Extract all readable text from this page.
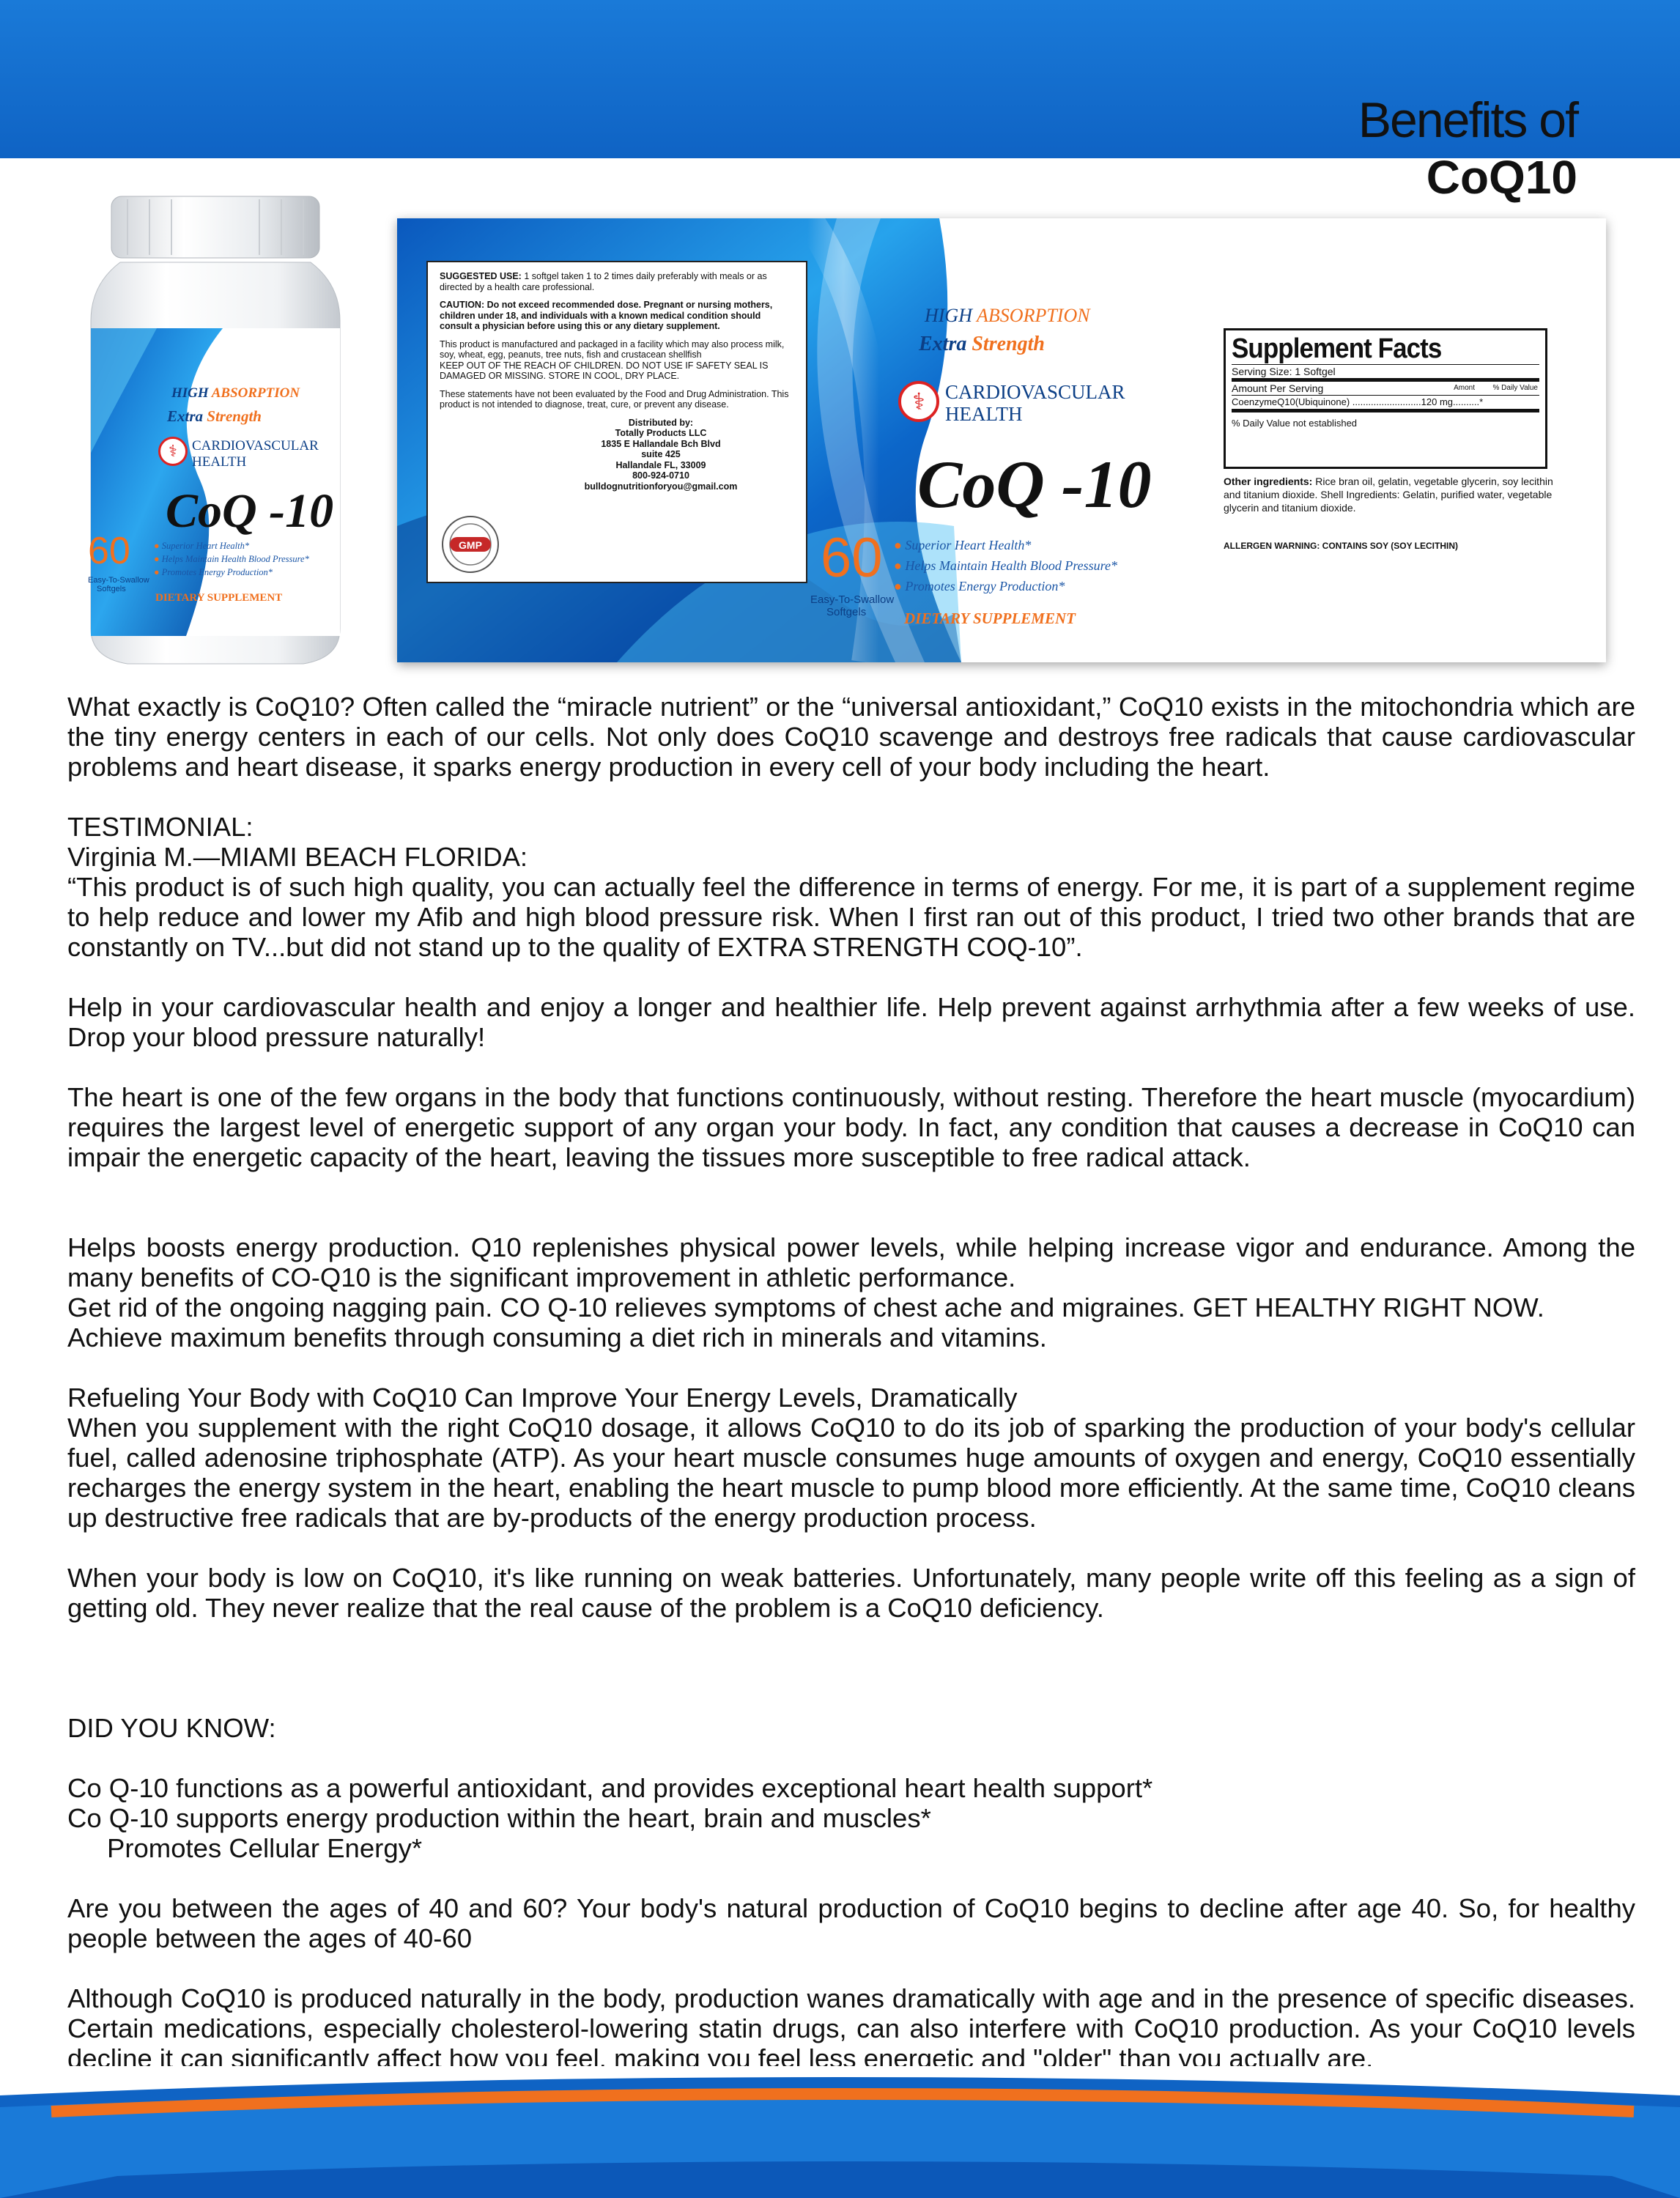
Benefits of
CoQ10
HIGH ABSORPTION
Extra Strength
⚕	CARDIOVASCULAR
HEALTH
CoQ -10
60
Easy-To-Swallow
Softgels
● Superior Heart Health*
● Helps Maintain Health Blood Pressure*
● Promotes Energy Production*
DIETARY SUPPLEMENT

SUGGESTED USE: 1 softgel taken 1 to 2 times daily preferably with meals or as directed by a health care professional.

CAUTION: Do not exceed recommended dose. Pregnant or nursing mothers, children under 18, and individuals with a known medical condition should consult a physician before using this or any dietary supplement.

This product is manufactured and packaged in a facility which may also process milk, soy, wheat, egg, peanuts, tree nuts, fish and crustacean shellfish

KEEP OUT OF THE REACH OF CHILDREN. DO NOT USE IF SAFETY SEAL IS DAMAGED OR MISSING. STORE IN COOL, DRY PLACE.

These statements have not been evaluated by the Food and Drug Administration. This product is not intended to diagnose, treat, cure, or prevent any disease.

Distributed by:
Totally Products LLC
1835 E Hallandale Bch Blvd
suite 425
Hallandale FL, 33009
800-924-0710
bulldognutritionforyou@gmail.com
GMP
HIGH ABSORPTION
Extra Strength
⚕	CARDIOVASCULAR
HEALTH
CoQ -10
60
Easy-To-Swallow
Softgels
● Superior Heart Health*
● Helps Maintain Health Blood Pressure*
● Promotes Energy Production*
DIETARY SUPPLEMENT
Supplement Facts
Serving Size: 1 Softgel
Amount Per Serving	Amont % Daily Value
CoenzymeQ10(Ubiquinone) ..........................120 mg..........*
% Daily Value not established
Other ingredients: Rice bran oil, gelatin, vegetable glycerin, soy lecithin and titanium dioxide. Shell Ingredients: Gelatin, purified water, vegetable glycerin and titanium dioxide.
ALLERGEN WARNING: CONTAINS SOY (SOY LECITHIN)

What exactly is CoQ10? Often called the “miracle nutrient” or the “universal antioxidant,” CoQ10 exists in the mitochondria which are the tiny energy centers in each of our cells. Not only does CoQ10 scavenge and destroys free radicals that cause cardiovascular problems and heart disease, it sparks energy production in every cell of your body including the heart.

TESTIMONIAL:

Virginia M.—MIAMI BEACH FLORIDA:

“This product is of such high quality, you can actually feel the difference in terms of energy. For me, it is part of a supplement regime to help reduce and lower my Afib and high blood pressure risk. When I first ran out of this product, I tried two other brands that are constantly on TV...but did not stand up to the quality of EXTRA STRENGTH COQ-10”.

Help in your cardiovascular health and enjoy a longer and healthier life. Help prevent against arrhythmia after a few weeks of use. Drop your blood pressure naturally!

The heart is one of the few organs in the body that functions continuously, without resting. Therefore the heart muscle (myocardium) requires the largest level of energetic support of any organ your body. In fact, any condition that causes a decrease in CoQ10 can impair the energetic capacity of the heart, leaving the tissues more susceptible to free radical attack.

Helps boosts energy production. Q10 replenishes physical power levels, while helping increase vigor and endurance. Among the many benefits of CO-Q10 is the significant improvement in athletic performance.

Get rid of the ongoing nagging pain. CO Q-10 relieves symptoms of chest ache and migraines. GET HEALTHY RIGHT NOW.

Achieve maximum benefits through consuming a diet rich in minerals and vitamins.

Refueling Your Body with CoQ10 Can Improve Your Energy Levels, Dramatically

When you supplement with the right CoQ10 dosage, it allows CoQ10 to do its job of sparking the production of your body's cellular fuel, called adenosine triphosphate (ATP). As your heart muscle consumes huge amounts of oxygen and energy, CoQ10 essentially recharges the energy system in the heart, enabling the heart muscle to pump blood more efficiently. At the same time, CoQ10 cleans up destructive free radicals that are by-products of the energy production process.

When your body is low on CoQ10, it's like running on weak batteries. Unfortunately, many people write off this feeling as a sign of getting old. They never realize that the real cause of the problem is a CoQ10 deficiency.

DID YOU KNOW:

Co Q-10 functions as a powerful antioxidant, and provides exceptional heart health support*

Co Q-10 supports energy production within the heart, brain and muscles*

Promotes Cellular Energy*

Are you between the ages of 40 and 60? Your body's natural production of CoQ10 begins to decline after age 40. So, for healthy people between the ages of 40-60

Although CoQ10 is produced naturally in the body, production wanes dramatically with age and in the presence of specific diseases. Certain medications, especially cholesterol-lowering statin drugs, can also interfere with CoQ10 production. As your CoQ10 levels decline it can significantly affect how you feel, making you feel less energetic and "older" than you actually are.
